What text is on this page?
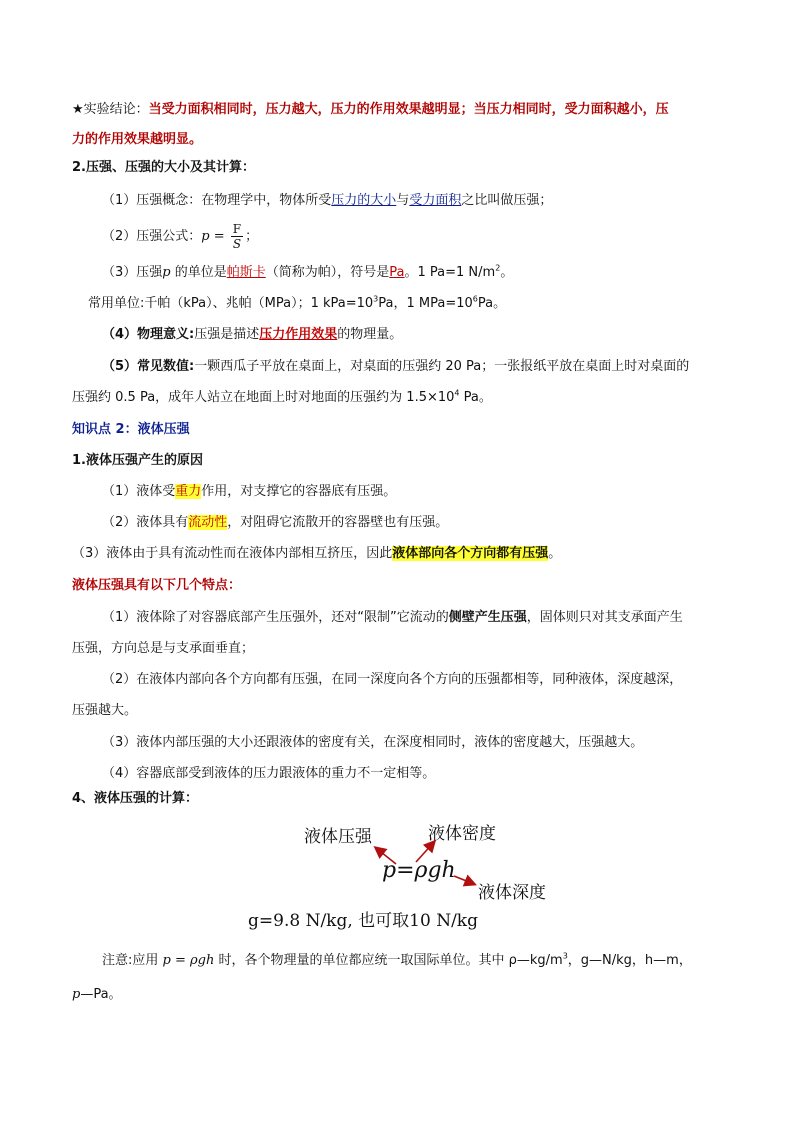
★实验结论：当受力面积相同时，压力越大，压力的作用效果越明显；当压力相同时，受力面积越小，压
力的作用效果越明显。
2.压强、压强的大小及其计算：
（1）压强概念：在物理学中，物体所受压力的大小与受力面积之比叫做压强；
（2）压强公式：$p = \frac{F}{S}$ ；
（3）压强p 的单位是帕斯卡（简称为帕），符号是Pa。1 Pa=1 $N/m^2$。
常用单位:千帕（kPa）、兆帕（MPa）；1 $kPa=10^3Pa$，1 $MPa=10^6Pa$。
（4）物理意义:压强是描述压力作用效果的物理量。
（5）常见数值:一颗西瓜子平放在桌面上，对桌面的压强约 20 Pa；一张报纸平放在桌面上时对桌面的
压强约 0.5 Pa，成年人站立在地面上时对地面的压强约为 $1.5\times 10^4$ Pa。
知识点 2：液体压强
1.液体压强产生的原因
（1）液体受重力作用，对支撑它的容器底有压强。
（2）液体具有流动性，对阻碍它流散开的容器壁也有压强。
（3）液体由于具有流动性而在液体内部相互挤压，因此液体部向各个方向都有压强。
液体压强具有以下几个特点：
（1）液体除了对容器底部产生压强外，还对“限制”它流动的侧壁产生压强，固体则只对其支承面产生
压强，方向总是与支承面垂直；
（2）在液体内部向各个方向都有压强，在同一深度向各个方向的压强都相等，同种液体，深度越深，
压强越大。
（3）液体内部压强的大小还跟液体的密度有关，在深度相同时，液体的密度越大，压强越大。
（4）容器底部受到液体的压力跟液体的重力不一定相等。
4、液体压强的计算：
液体压强	液体密度
p=ρgh
液体深度
g=9.8 N/kg, 也可取10 N/kg
注意:应用 p = ρgh 时，各个物理量的单位都应统一取国际单位。其中 $\rho—kg/m^3$，g—N/kg，h—m，
p—Pa。
